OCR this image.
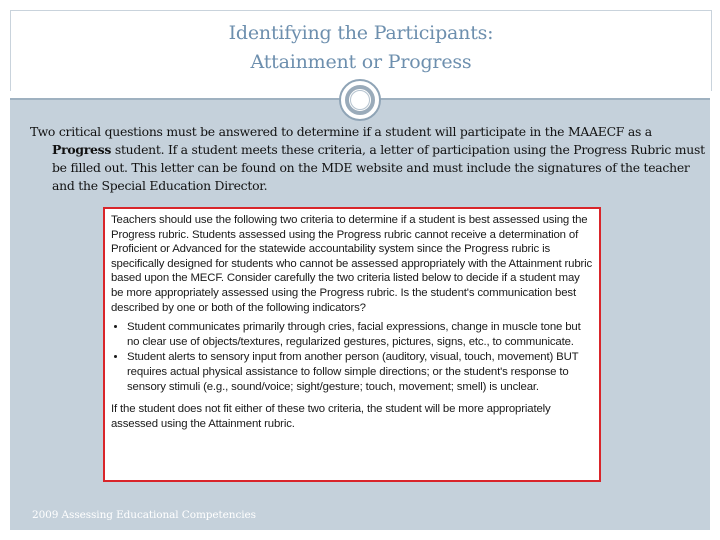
Identifying the Participants:
Attainment or Progress
Two critical questions must be answered to determine if a student will participate in the MAAECF as a Progress student. If a student meets these criteria, a letter of participation using the Progress Rubric must be filled out. This letter can be found on the MDE website and must include the signatures of the teacher and the Special Education Director.

Teachers should use the following two criteria to determine if a student is best assessed using the Progress rubric. Students assessed using the Progress rubric cannot receive a determination of Proficient or Advanced for the statewide accountability system since the Progress rubric is specifically designed for students who cannot be assessed appropriately with the Attainment rubric based upon the MECF. Consider carefully the two criteria listed below to decide if a student may be more appropriately assessed using the Progress rubric. Is the student's communication best described by one or both of the following indicators?

• Student communicates primarily through cries, facial expressions, change in muscle tone but no clear use of objects/textures, regularized gestures, pictures, signs, etc., to communicate.
• Student alerts to sensory input from another person (auditory, visual, touch, movement) BUT requires actual physical assistance to follow simple directions; or the student's response to sensory stimuli (e.g., sound/voice; sight/gesture; touch, movement; smell) is unclear.

If the student does not fit either of these two criteria, the student will be more appropriately assessed using the Attainment rubric.

2009 Assessing Educational Competencies
